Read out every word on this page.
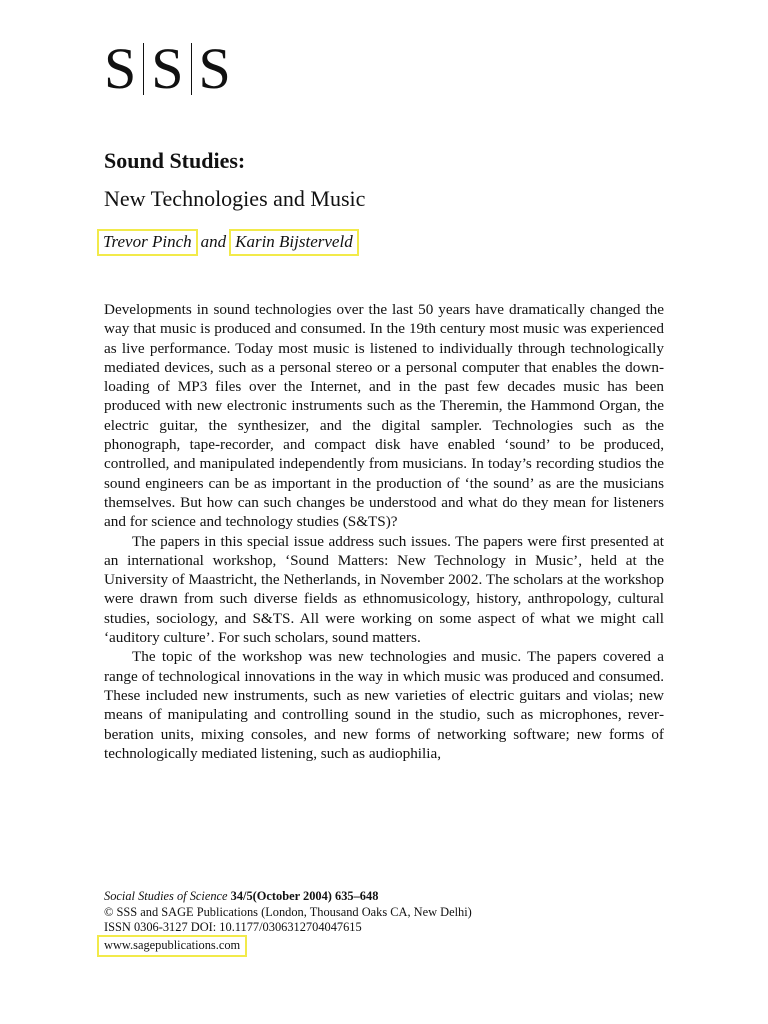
S S S
Sound Studies:
New Technologies and Music
Trevor Pinch and Karin Bijsterveld

Developments in sound technologies over the last 50 years have dramatically changed the way that music is produced and consumed. In the 19th century most music was experienced as live performance. Today most music is listened to individually through technologically mediated devices, such as a personal stereo or a personal computer that enables the downloading of MP3 files over the Internet, and in the past few decades music has been produced with new electronic instruments such as the Theremin, the Hammond Organ, the electric guitar, the synthesizer, and the digital sampler. Technologies such as the phonograph, tape-recorder, and compact disk have enabled ‘sound’ to be produced, controlled, and manipulated independently from musicians. In today’s recording studios the sound engineers can be as important in the production of ‘the sound’ as are the musicians themselves. But how can such changes be understood and what do they mean for listeners and for science and technology studies (S&TS)?

The papers in this special issue address such issues. The papers were first presented at an international workshop, ‘Sound Matters: New Technology in Music’, held at the University of Maastricht, the Netherlands, in November 2002. The scholars at the workshop were drawn from such diverse fields as ethnomusicology, history, anthropology, cultural studies, sociology, and S&TS. All were working on some aspect of what we might call ‘auditory culture’. For such scholars, sound matters.

The topic of the workshop was new technologies and music. The papers covered a range of technological innovations in the way in which music was produced and consumed. These included new instruments, such as new varieties of electric guitars and violas; new means of manipulating and controlling sound in the studio, such as microphones, reverberation units, mixing consoles, and new forms of networking software; new forms of technologically mediated listening, such as audiophilia,

Social Studies of Science 34/5(October 2004) 635–648
© SSS and SAGE Publications (London, Thousand Oaks CA, New Delhi)
ISSN 0306-3127 DOI: 10.1177/0306312704047615
www.sagepublications.com
